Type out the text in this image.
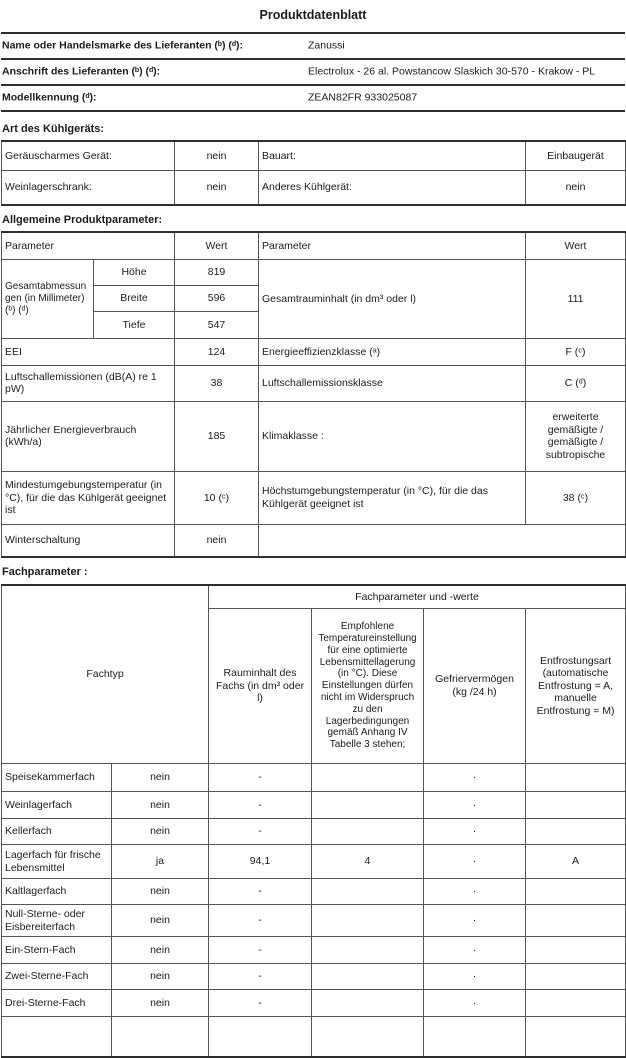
Produktdatenblatt
Name oder Handelsmarke des Lieferanten (ᵇ) (ᵈ):	Zanussi
Anschrift des Lieferanten (ᵇ) (ᵈ):	Electrolux - 26 al. Powstancow Slaskich 30-570 - Krakow - PL
Modellkennung (ᵈ):	ZEAN82FR 933025087
Art des Kühlgeräts:
Geräuscharmes Gerät:	nein	Bauart:	Einbaugerät
Weinlagerschrank:	nein	Anderes Kühlgerät:	nein
Allgemeine Produktparameter:
Parameter		Wert	Parameter	Wert
Gesamtabmessungen (in Millimeter) (ᵇ) (ᵈ)	Höhe	819	Gesamtrauminhalt (in dm³ oder l)	111
	Breite	596		
	Tiefe	547		
EEI		124	Energieeffizienzklasse (ᵃ)	F (ᶜ)
Luftschallemissionen (dB(A) re 1 pW)		38	Luftschallemissionsklasse	C (ᵈ)
Jährlicher Energieverbrauch (kWh/a)		185	Klimaklasse :	erweiterte gemäßigte / gemäßigte / subtropische
Mindestumgebungstemperatur (in °C), für die das Kühlgerät geeignet ist		10 (ᶜ)	Höchstumgebungstemperatur (in °C), für die das Kühlgerät geeignet ist	38 (ᶜ)
Winterschaltung		nein		
Fachparameter :
Fachtyp		Fachparameter und -werte			
		Rauminhalt des Fachs (in dm³ oder l)	Empfohlene Temperatureinstellung für eine optimierte Lebensmittellagerung (in °C). Diese Einstellungen dürfen nicht im Widerspruch zu den Lagerbedingungen gemäß Anhang IV Tabelle 3 stehen;	Gefriervermögen (kg /24 h)	Entfrostungsart (automatische Entfrostung = A, manuelle Entfrostung = M)
Speisekammerfach	nein	-		·	
Weinlagerfach	nein	-		·	
Kellerfach	nein	-		·	
Lagerfach für frische Lebensmittel	ja	94,1	4	·	A
Kaltlagerfach	nein	-		·	
Null-Sterne- oder Eisbereiterfach	nein	-		·	
Ein-Stern-Fach	nein	-		·	
Zwei-Sterne-Fach	nein	-		·	
Drei-Sterne-Fach	nein	-		·	
